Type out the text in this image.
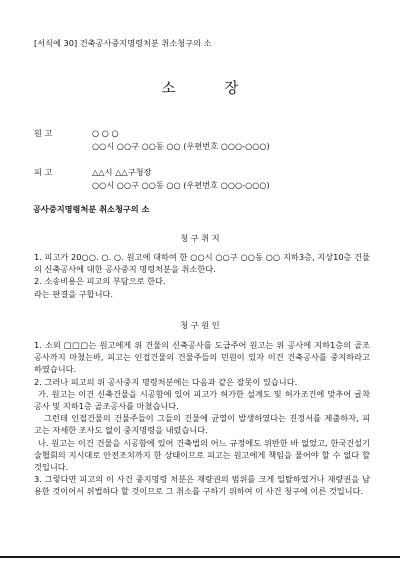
[서식예 30] 건축공사중지명령처분 취소청구의 소
소	장
원 고	○ ○ ○
○○시 ○○구 ○○동 ○○ (우편번호 ○○○-○○○)
피 고	△△시 △△구청장
○○시 ○○구 ○○동 ○○ (우편번호 ○○○-○○○)
공사중지명령처분 취소청구의 소
청 구 취 지

1. 피고가 20○○. ○. ○. 원고에 대하여 한 ○○시 ○○구 ○○동 ○○ 지하3층, 지상10층 건물의 신축공사에 대한 공사중지 명령처분을 취소한다.

2. 소송비용은 피고의 부담으로 한다.

라는 판결을 구합니다.

청 구 원 인

1. 소외 □□□는 원고에게 위 건물의 신축공사를 도급주어 원고는 위 공사에 지하1층의 골조공사까지 마쳤는바, 피고는 인접건물의 건물주들의 민원이 있자 이건 건축공사를 중지하라고 하였습니다.

2. 그러나 피고의 위 공사중지 명령처분에는 다음과 같은 잘못이 있습니다.

가. 원고는 이건 신축건물을 시공함에 있어 피고가 허가한 설계도 및 허가조건에 맞추어 굴착공사 및 지하1층 골조공사를 마쳤습니다.

그런데 인접건물의 건물주들이 그들의 건물에 균열이 발생하였다는 진정서를 제출하자, 피고는 자세한 조사도 없이 중지명령을 내렸습니다.

나. 원고는 이건 건물을 시공함에 있어 건축법의 어느 규정에도 위반한 바 없었고, 한국건설기술협회의 지시대로 안전조치까지 한 상태이므로 피고는 원고에게 책임을 물어야 할 수 없다 할 것입니다.

3. 그렇다면 피고의 이 사건 중지명령 처분은 재량권의 범위를 크게 일탈하였거나 재량권을 남용한 것이어서 위법하다 할 것이므로 그 취소를 구하기 위하여 이 사건 청구에 이른 것입니다.
